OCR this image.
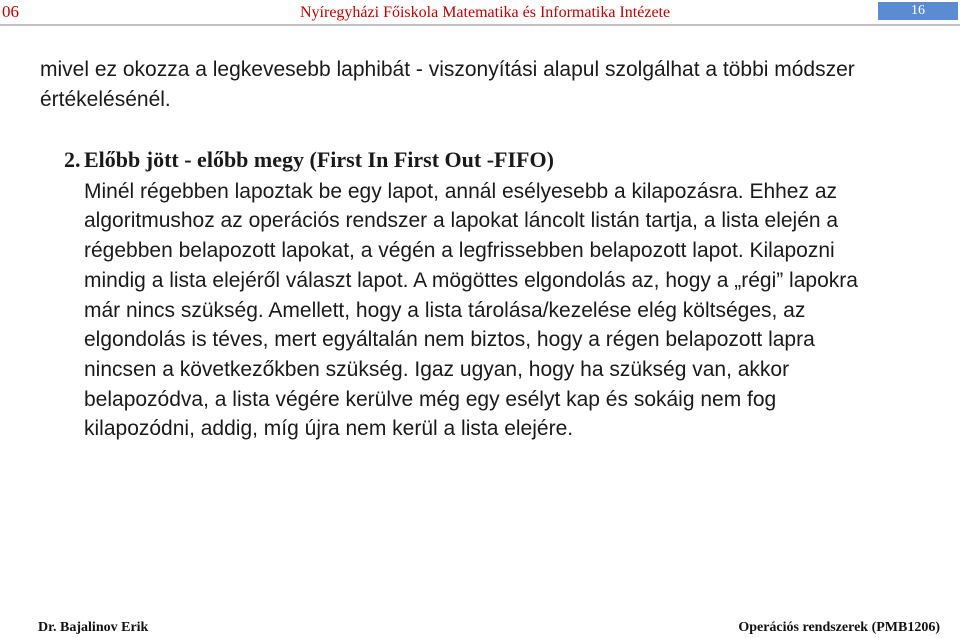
06	Nyíregyházi Főiskola Matematika és Informatika Intézete	16

mivel ez okozza a legkevesebb laphibát - viszonyítási alapul szolgálhat a többi módszer értékelésénél.

2. Előbb jött - előbb megy (First In First Out -FIFO)

Minél régebben lapoztak be egy lapot, annál esélyesebb a kilapozásra. Ehhez az algoritmushoz az operációs rendszer a lapokat láncolt listán tartja, a lista elején a régebben belapozott lapokat, a végén a legfrissebben belapozott lapot. Kilapozni mindig a lista elejéről választ lapot. A mögöttes elgondolás az, hogy a „régi” lapokra már nincs szükség. Amellett, hogy a lista tárolása/kezelése elég költséges, az elgondolás is téves, mert egyáltalán nem biztos, hogy a régen belapozott lapra nincsen a következőkben szükség. Igaz ugyan, hogy ha szükség van, akkor belapozódva, a lista végére kerülve még egy esélyt kap és sokáig nem fog kilapozódni, addig, míg újra nem kerül a lista elejére.

Dr. Bajalinov Erik	Operációs rendszerek (PMB1206)
